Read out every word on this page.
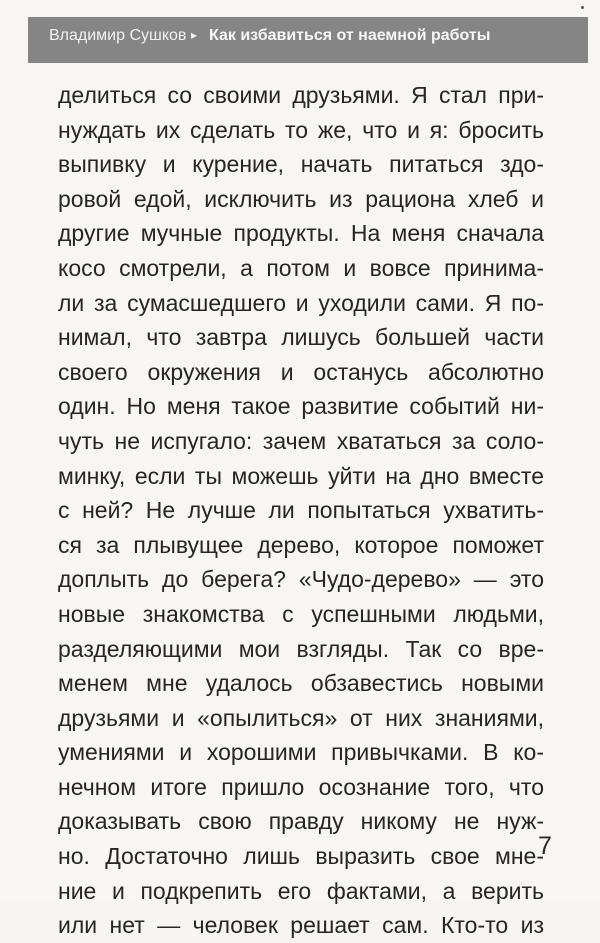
Владимир Сушков ▸ Как избавиться от наемной работы
делиться со своими друзьями. Я стал при-
нуждать их сделать то же, что и я: бросить
выпивку и курение, начать питаться здо-
ровой едой, исключить из рациона хлеб и
другие мучные продукты. На меня сначала
косо смотрели, а потом и вовсе принима-
ли за сумасшедшего и уходили сами. Я по-
нимал, что завтра лишусь большей части
своего окружения и останусь абсолютно
один. Но меня такое развитие событий ни-
чуть не испугало: зачем хвататься за соло-
минку, если ты можешь уйти на дно вместе
с ней? Не лучше ли попытаться ухватить-
ся за плывущее дерево, которое поможет
доплыть до берега? «Чудо-дерево» — это
новые знакомства с успешными людьми,
разделяющими мои взгляды. Так со вре-
менем мне удалось обзавестись новыми
друзьями и «опылиться» от них знаниями,
умениями и хорошими привычками. В ко-
нечном итоге пришло осознание того, что
доказывать свою правду никому не нуж-
но. Достаточно лишь выразить свое мне-
ние и подкрепить его фактами, а верить
или нет — человек решает сам. Кто-то из
7
